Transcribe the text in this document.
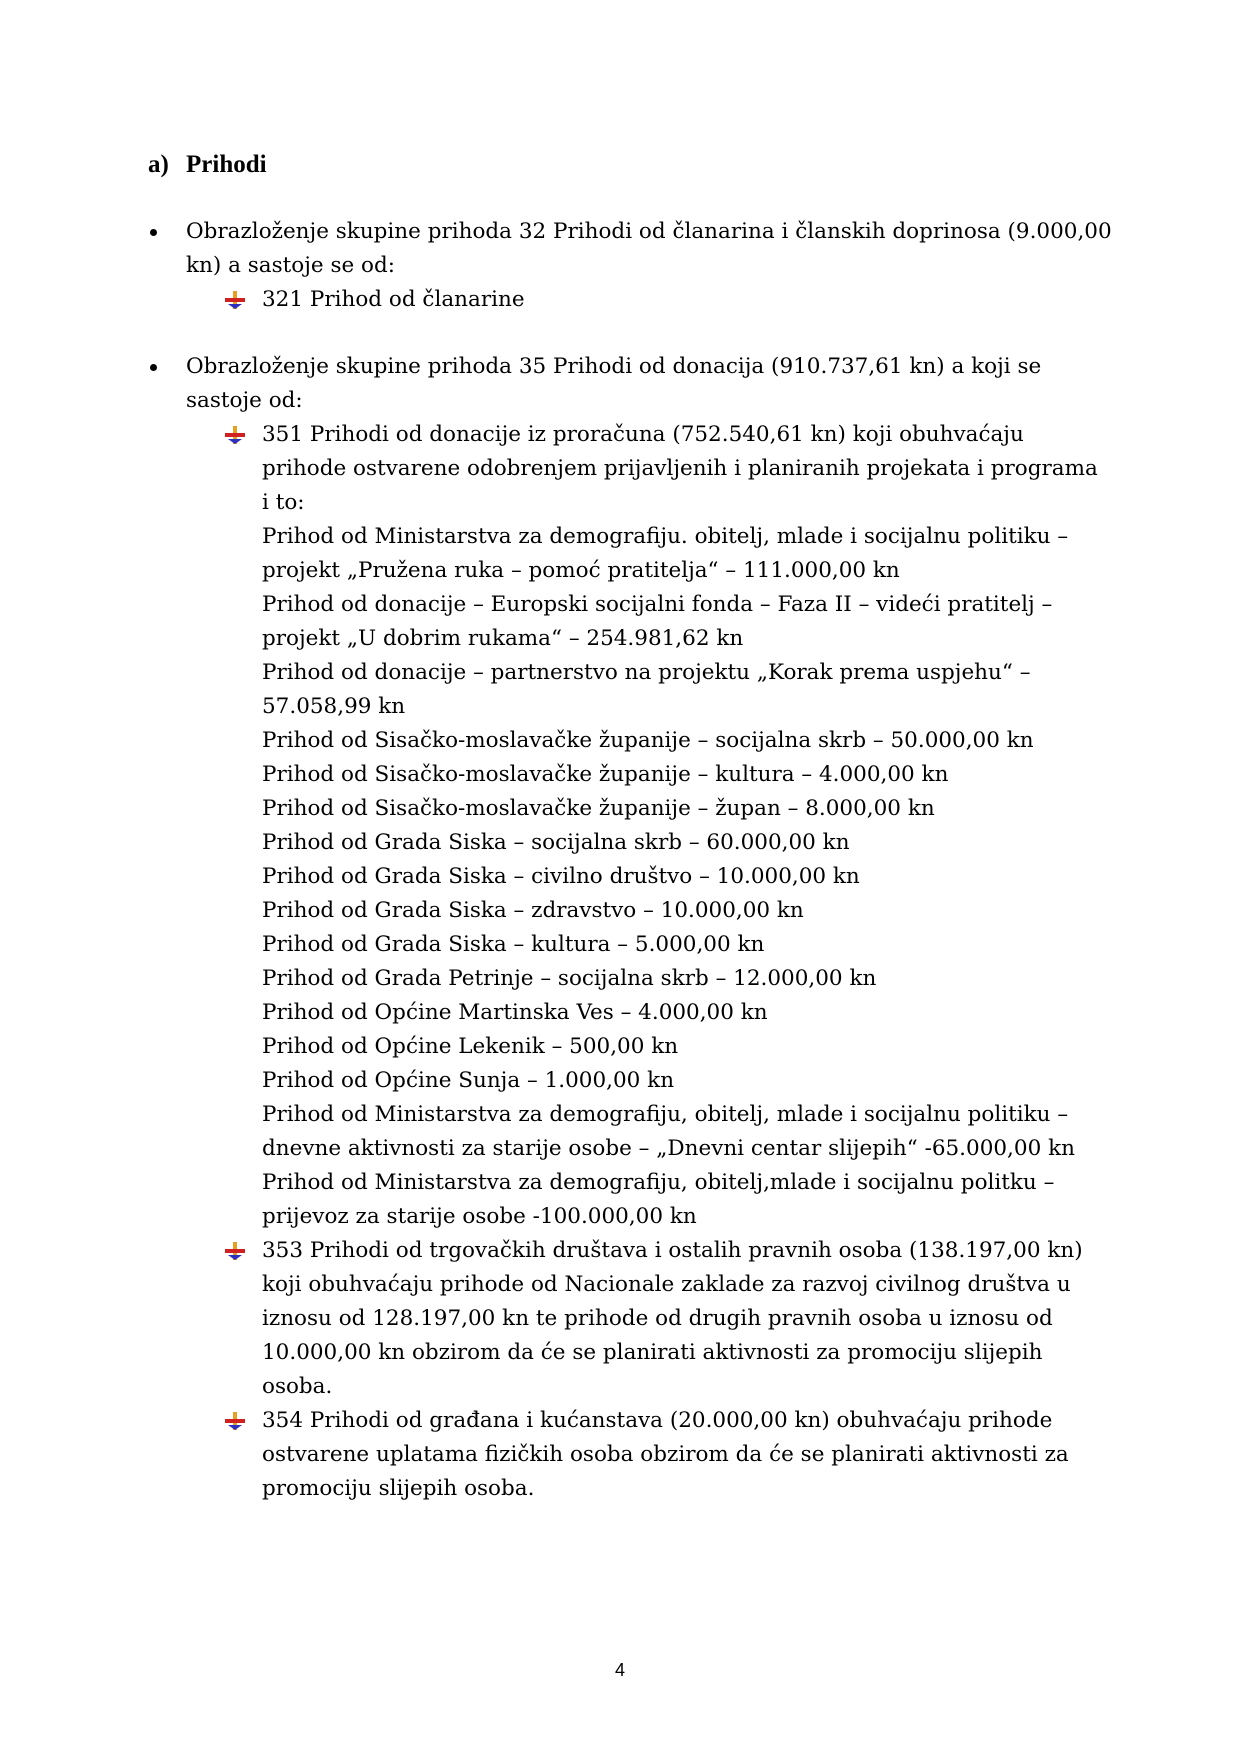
a) Prihodi
Obrazloženje skupine prihoda 32 Prihodi od članarina i članskih doprinosa (9.000,00
kn) a sastoje se od:
321 Prihod od članarine
Obrazloženje skupine prihoda 35 Prihodi od donacija (910.737,61 kn) a koji se
sastoje od:
351 Prihodi od donacije iz proračuna (752.540,61 kn) koji obuhvaćaju
prihode ostvarene odobrenjem prijavljenih i planiranih projekata i programa
i to:
Prihod od Ministarstva za demografiju. obitelj, mlade i socijalnu politiku –
projekt „Pružena ruka – pomoć pratitelja“ – 111.000,00 kn
Prihod od donacije – Europski socijalni fonda – Faza II – videći pratitelj –
projekt „U dobrim rukama“ – 254.981,62 kn
Prihod od donacije – partnerstvo na projektu „Korak prema uspjehu“ –
57.058,99 kn
Prihod od Sisačko-moslavačke županije – socijalna skrb – 50.000,00 kn
Prihod od Sisačko-moslavačke županije – kultura – 4.000,00 kn
Prihod od Sisačko-moslavačke županije – župan – 8.000,00 kn
Prihod od Grada Siska – socijalna skrb – 60.000,00 kn
Prihod od Grada Siska – civilno društvo – 10.000,00 kn
Prihod od Grada Siska – zdravstvo – 10.000,00 kn
Prihod od Grada Siska – kultura – 5.000,00 kn
Prihod od Grada Petrinje – socijalna skrb – 12.000,00 kn
Prihod od Općine Martinska Ves – 4.000,00 kn
Prihod od Općine Lekenik – 500,00 kn
Prihod od Općine Sunja – 1.000,00 kn
Prihod od Ministarstva za demografiju, obitelj, mlade i socijalnu politiku –
dnevne aktivnosti za starije osobe – „Dnevni centar slijepih“ -65.000,00 kn
Prihod od Ministarstva za demografiju, obitelj,mlade i socijalnu politku –
prijevoz za starije osobe -100.000,00 kn
353 Prihodi od trgovačkih društava i ostalih pravnih osoba (138.197,00 kn)
koji obuhvaćaju prihode od Nacionale zaklade za razvoj civilnog društva u
iznosu od 128.197,00 kn te prihode od drugih pravnih osoba u iznosu od
10.000,00 kn obzirom da će se planirati aktivnosti za promociju slijepih
osoba.
354 Prihodi od građana i kućanstava (20.000,00 kn) obuhvaćaju prihode
ostvarene uplatama fizičkih osoba obzirom da će se planirati aktivnosti za
promociju slijepih osoba.
4
